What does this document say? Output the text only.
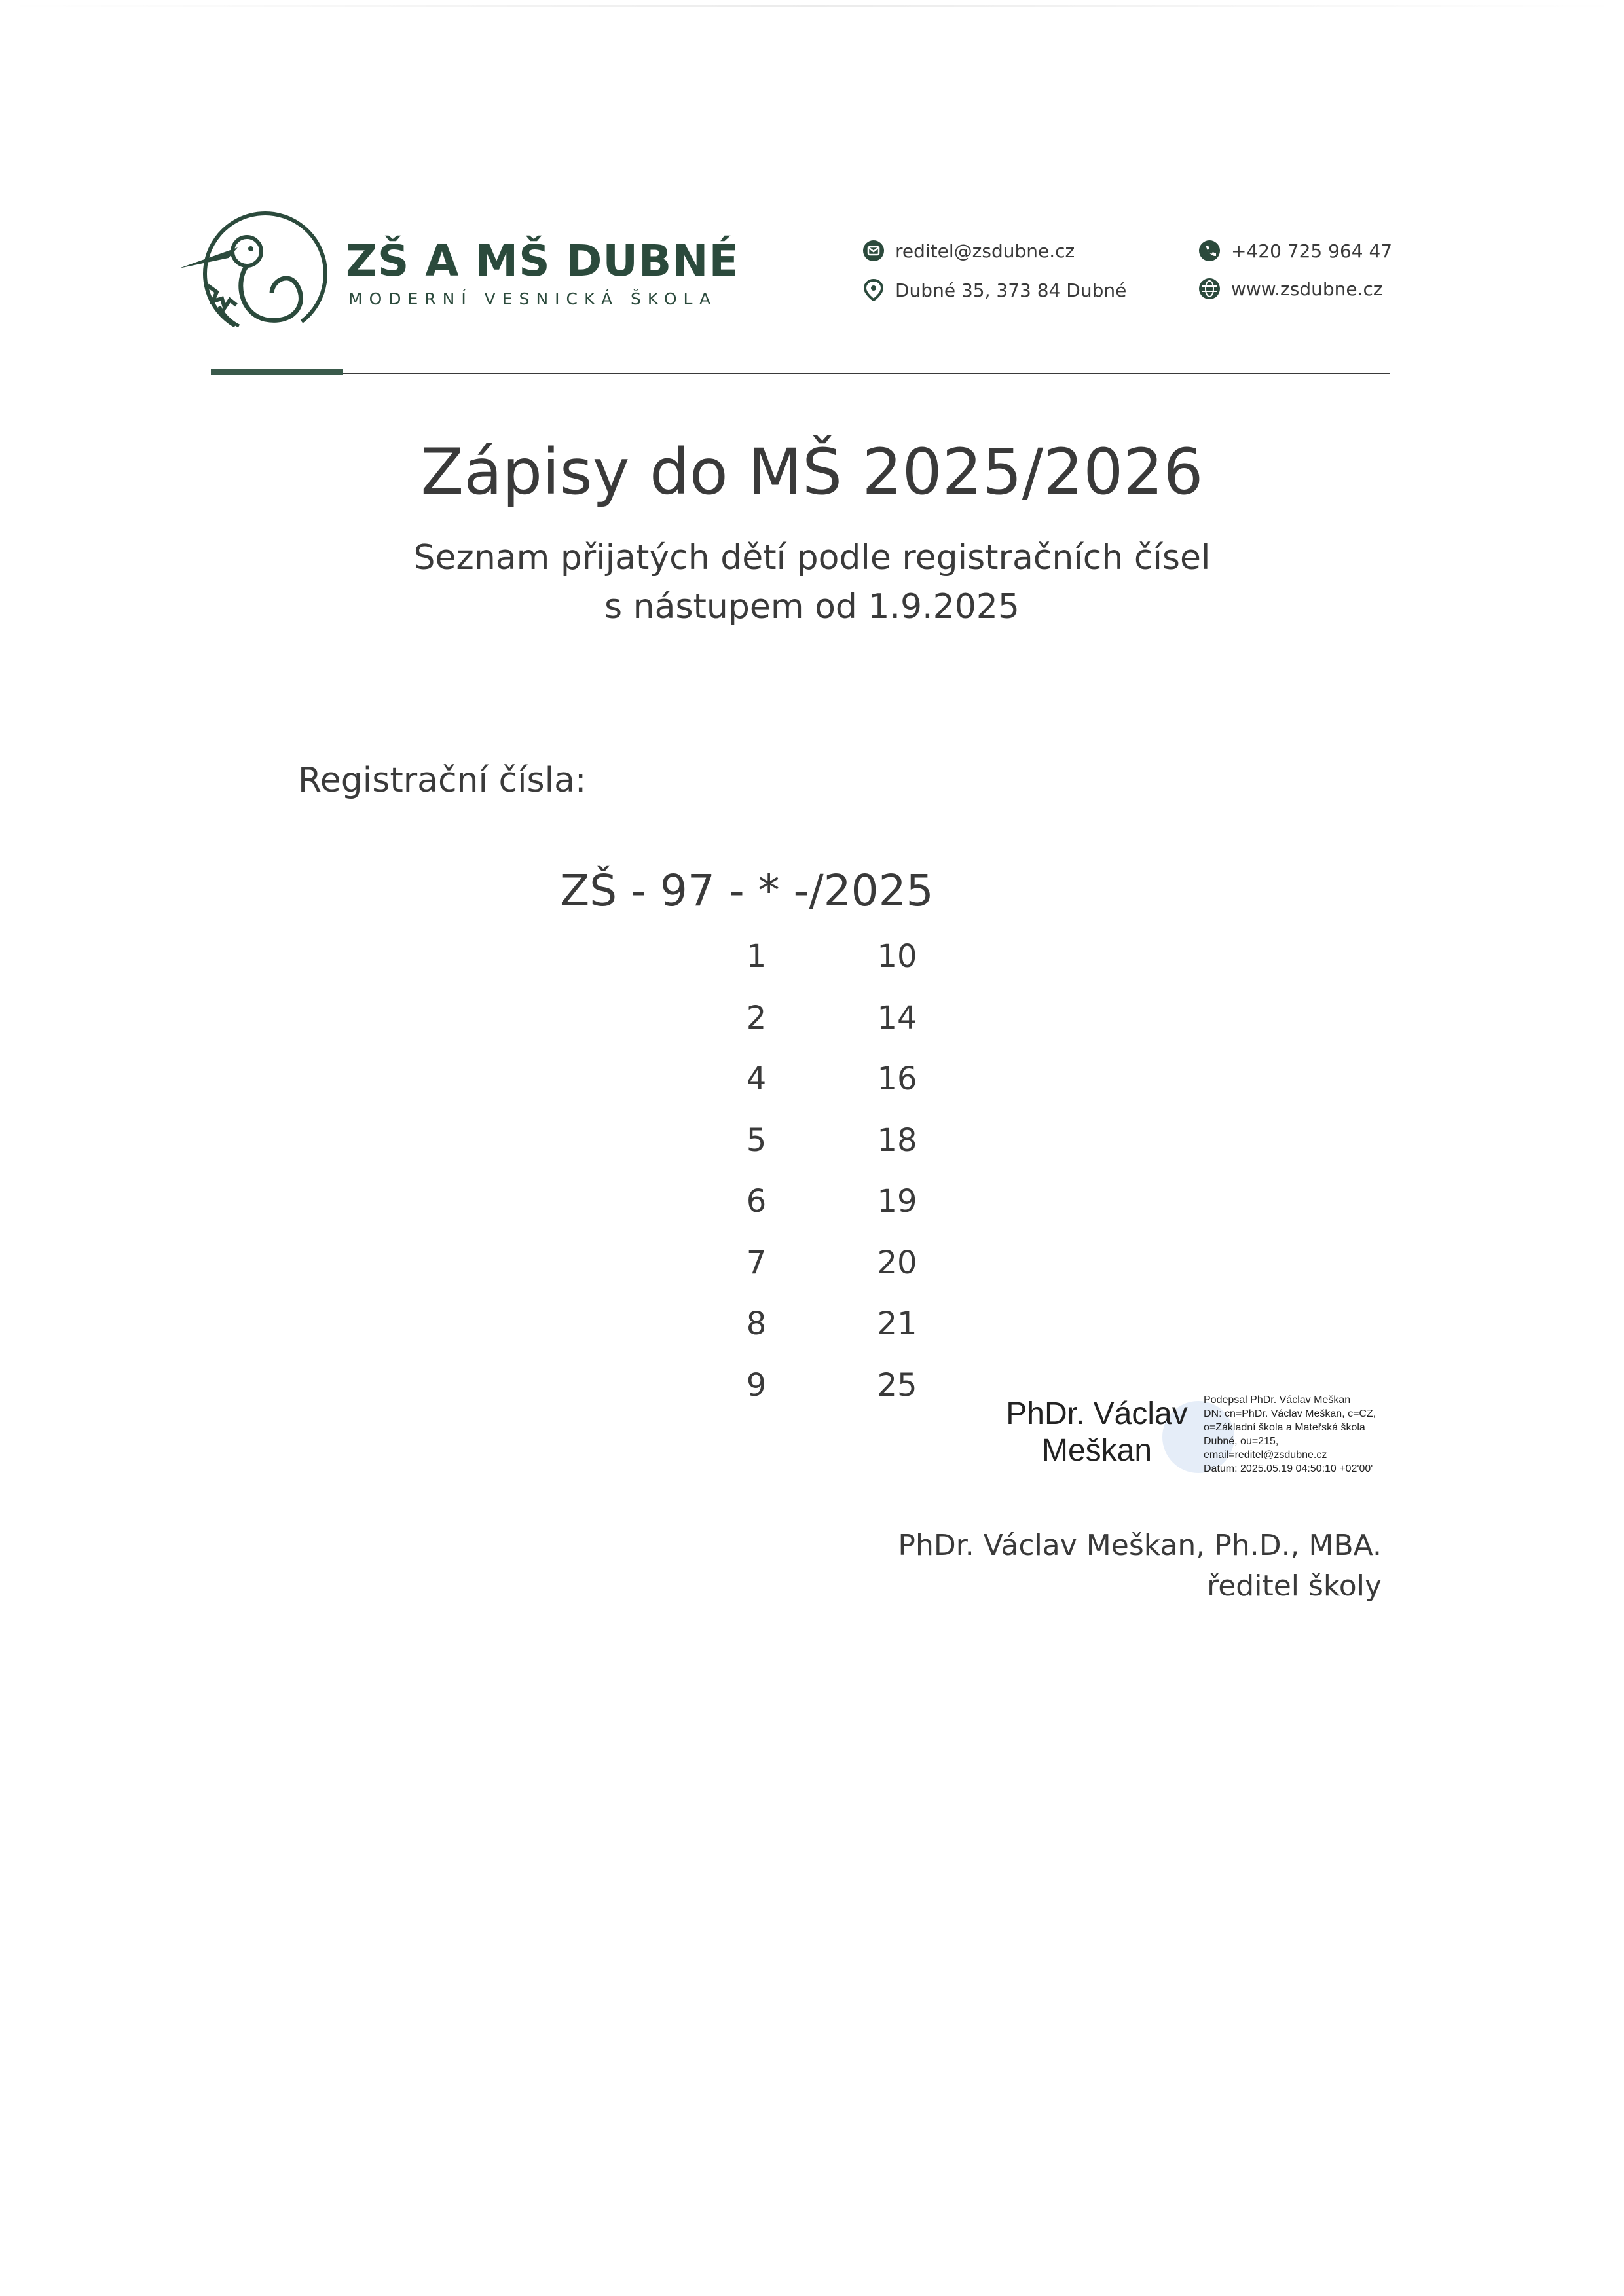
ZŠ A MŠ DUBNÉ
MODERNÍ VESNICKÁ ŠKOLA
reditel@zsdubne.cz
Dubné 35, 373 84 Dubné
+420 725 964 47
www.zsdubne.cz
Zápisy do MŠ 2025/2026
Seznam přijatých dětí podle registračních čísel
s nástupem od 1.9.2025
Registrační čísla:
ZŠ - 97 - * -/2025
1
2
4
5
6
7
8
9
10
14
16
18
19
20
21
25
PhDr. Václav
Meškan
Podepsal PhDr. Václav Meškan
DN: cn=PhDr. Václav Meškan, c=CZ,
o=Základní škola a Mateřská škola
Dubné, ou=215,
email=reditel@zsdubne.cz
Datum: 2025.05.19 04:50:10 +02'00'
PhDr. Václav Meškan, Ph.D., MBA.
ředitel školy
